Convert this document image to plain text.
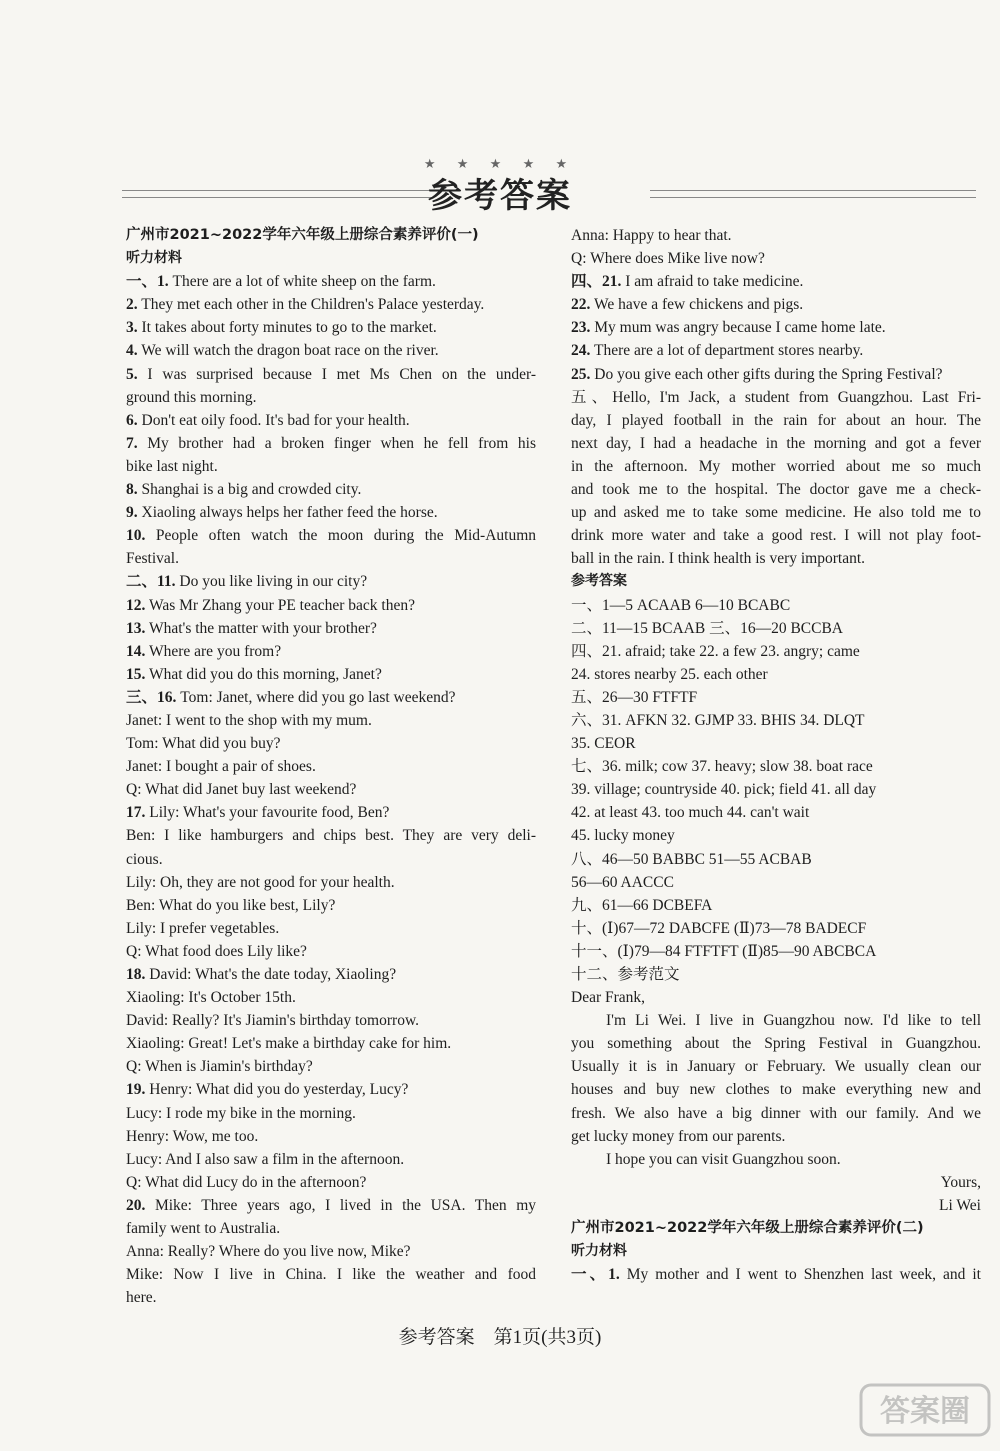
★ ★ ★ ★ ★
参考答案

广州市2021~2022学年六年级上册综合素养评价(一)

听力材料

一、1. There are a lot of white sheep on the farm.

2. They met each other in the Children's Palace yesterday.

3. It takes about forty minutes to go to the market.

4. We will watch the dragon boat race on the river.

5. I was surprised because I met Ms Chen on the under-

ground this morning.

6. Don't eat oily food. It's bad for your health.

7. My brother had a broken finger when he fell from his

bike last night.

8. Shanghai is a big and crowded city.

9. Xiaoling always helps her father feed the horse.

10. People often watch the moon during the Mid-Autumn

Festival.

二、11. Do you like living in our city?

12. Was Mr Zhang your PE teacher back then?

13. What's the matter with your brother?

14. Where are you from?

15. What did you do this morning, Janet?

三、16. Tom: Janet, where did you go last weekend?

Janet: I went to the shop with my mum.

Tom: What did you buy?

Janet: I bought a pair of shoes.

Q: What did Janet buy last weekend?

17. Lily: What's your favourite food, Ben?

Ben: I like hamburgers and chips best. They are very deli-

cious.

Lily: Oh, they are not good for your health.

Ben: What do you like best, Lily?

Lily: I prefer vegetables.

Q: What food does Lily like?

18. David: What's the date today, Xiaoling?

Xiaoling: It's October 15th.

David: Really? It's Jiamin's birthday tomorrow.

Xiaoling: Great! Let's make a birthday cake for him.

Q: When is Jiamin's birthday?

19. Henry: What did you do yesterday, Lucy?

Lucy: I rode my bike in the morning.

Henry: Wow, me too.

Lucy: And I also saw a film in the afternoon.

Q: What did Lucy do in the afternoon?

20. Mike: Three years ago, I lived in the USA. Then my

family went to Australia.

Anna: Really? Where do you live now, Mike?

Mike: Now I live in China. I like the weather and food

here.

Anna: Happy to hear that.

Q: Where does Mike live now?

四、21. I am afraid to take medicine.

22. We have a few chickens and pigs.

23. My mum was angry because I came home late.

24. There are a lot of department stores nearby.

25. Do you give each other gifts during the Spring Festival?

五、Hello, I'm Jack, a student from Guangzhou. Last Fri-

day, I played football in the rain for about an hour. The

next day, I had a headache in the morning and got a fever

in the afternoon. My mother worried about me so much

and took me to the hospital. The doctor gave me a check-

up and asked me to take some medicine. He also told me to

drink more water and take a good rest. I will not play foot-

ball in the rain. I think health is very important.

参考答案

一、1—5 ACAAB 6—10 BCABC

二、11—15 BCAAB 三、16—20 BCCBA

四、21. afraid; take 22. a few 23. angry; came

24. stores nearby 25. each other

五、26—30 FTFTF

六、31. AFKN 32. GJMP 33. BHIS 34. DLQT

35. CEOR

七、36. milk; cow 37. heavy; slow 38. boat race

39. village; countryside 40. pick; field 41. all day

42. at least 43. too much 44. can't wait

45. lucky money

八、46—50 BABBC 51—55 ACBAB

56—60 AACCC

九、61—66 DCBEFA

十、(Ⅰ)67—72 DABCFE (Ⅱ)73—78 BADECF

十一、(Ⅰ)79—84 FTFTFT (Ⅱ)85—90 ABCBCA

十二、参考范文

Dear Frank,

I'm Li Wei. I live in Guangzhou now. I'd like to tell

you something about the Spring Festival in Guangzhou.

Usually it is in January or February. We usually clean our

houses and buy new clothes to make everything new and

fresh. We also have a big dinner with our family. And we

get lucky money from our parents.

I hope you can visit Guangzhou soon.

Yours,

Li Wei

广州市2021~2022学年六年级上册综合素养评价(二)

听力材料

一、1. My mother and I went to Shenzhen last week, and it

参考答案　第1页(共3页)
答案圈
